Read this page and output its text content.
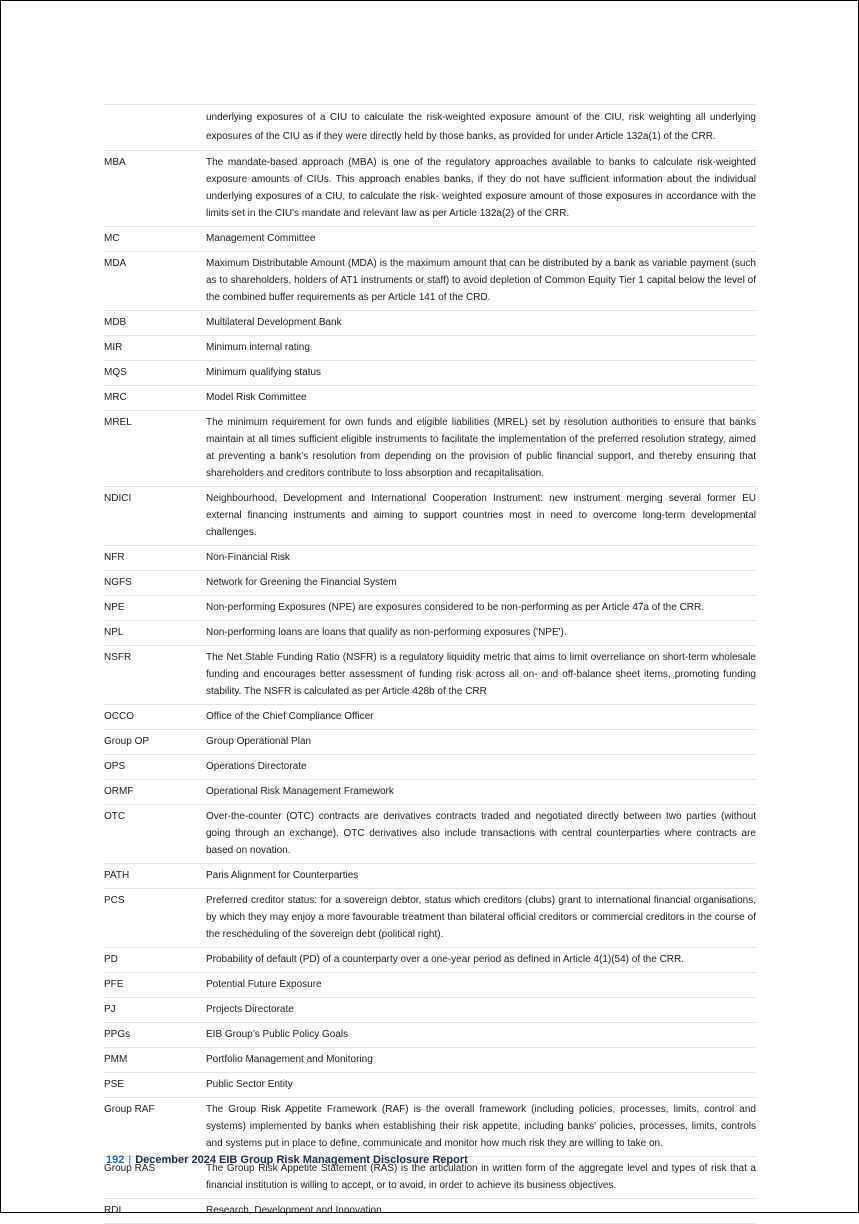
underlying exposures of a CIU to calculate the risk-weighted exposure amount of the CIU, risk weighting all underlying exposures of the CIU as if they were directly held by those banks, as provided for under Article 132a(1) of the CRR.
MBA	The mandate-based approach (MBA) is one of the regulatory approaches available to banks to calculate risk-weighted exposure amounts of CIUs. This approach enables banks, if they do not have sufficient information about the individual underlying exposures of a CIU, to calculate the risk- weighted exposure amount of those exposures in accordance with the limits set in the CIU's mandate and relevant law as per Article 132a(2) of the CRR.
MC	Management Committee
MDA	Maximum Distributable Amount (MDA) is the maximum amount that can be distributed by a bank as variable payment (such as to shareholders, holders of AT1 instruments or staff) to avoid depletion of Common Equity Tier 1 capital below the level of the combined buffer requirements as per Article 141 of the CRD.
MDB	Multilateral Development Bank
MIR	Minimum internal rating
MQS	Minimum qualifying status
MRC	Model Risk Committee
MREL	The minimum requirement for own funds and eligible liabilities (MREL) set by resolution authorities to ensure that banks maintain at all times sufficient eligible instruments to facilitate the implementation of the preferred resolution strategy, aimed at preventing a bank’s resolution from depending on the provision of public financial support, and thereby ensuring that shareholders and creditors contribute to loss absorption and recapitalisation.
NDICI	Neighbourhood, Development and International Cooperation Instrument: new instrument merging several former EU external financing instruments and aiming to support countries most in need to overcome long-term developmental challenges.
NFR	Non-Financial Risk
NGFS	Network for Greening the Financial System
NPE	Non-performing Exposures (NPE) are exposures considered to be non-performing as per Article 47a of the CRR.
NPL	Non-performing loans are loans that qualify as non-performing exposures ('NPE').
NSFR	The Net Stable Funding Ratio (NSFR) is a regulatory liquidity metric that aims to limit overreliance on short-term wholesale funding and encourages better assessment of funding risk across all on- and off-balance sheet items, promoting funding stability. The NSFR is calculated as per Article 428b of the CRR
OCCO	Office of the Chief Compliance Officer
Group OP	Group Operational Plan
OPS	Operations Directorate
ORMF	Operational Risk Management Framework
OTC	Over-the-counter (OTC) contracts are derivatives contracts traded and negotiated directly between two parties (without going through an exchange). OTC derivatives also include transactions with central counterparties where contracts are based on novation.
PATH	Paris Alignment for Counterparties
PCS	Preferred creditor status: for a sovereign debtor, status which creditors (clubs) grant to international financial organisations, by which they may enjoy a more favourable treatment than bilateral official creditors or commercial creditors in the course of the rescheduling of the sovereign debt (political right).
PD	Probability of default (PD) of a counterparty over a one-year period as defined in Article 4(1)(54) of the CRR.
PFE	Potential Future Exposure
PJ	Projects Directorate
PPGs	EIB Group’s Public Policy Goals
PMM	Portfolio Management and Monitoring
PSE	Public Sector Entity
Group RAF	The Group Risk Appetite Framework (RAF) is the overall framework (including policies, processes, limits, control and systems) implemented by banks when establishing their risk appetite, including banks' policies, processes, limits, controls and systems put in place to define, communicate and monitor how much risk they are willing to take on.
Group RAS	The Group Risk Appetite Statement (RAS) is the articulation in written form of the aggregate level and types of risk that a financial institution is willing to accept, or to avoid, in order to achieve its business objectives.
RDI	Research, Development and Innovation
192 | December 2024 EIB Group Risk Management Disclosure Report
